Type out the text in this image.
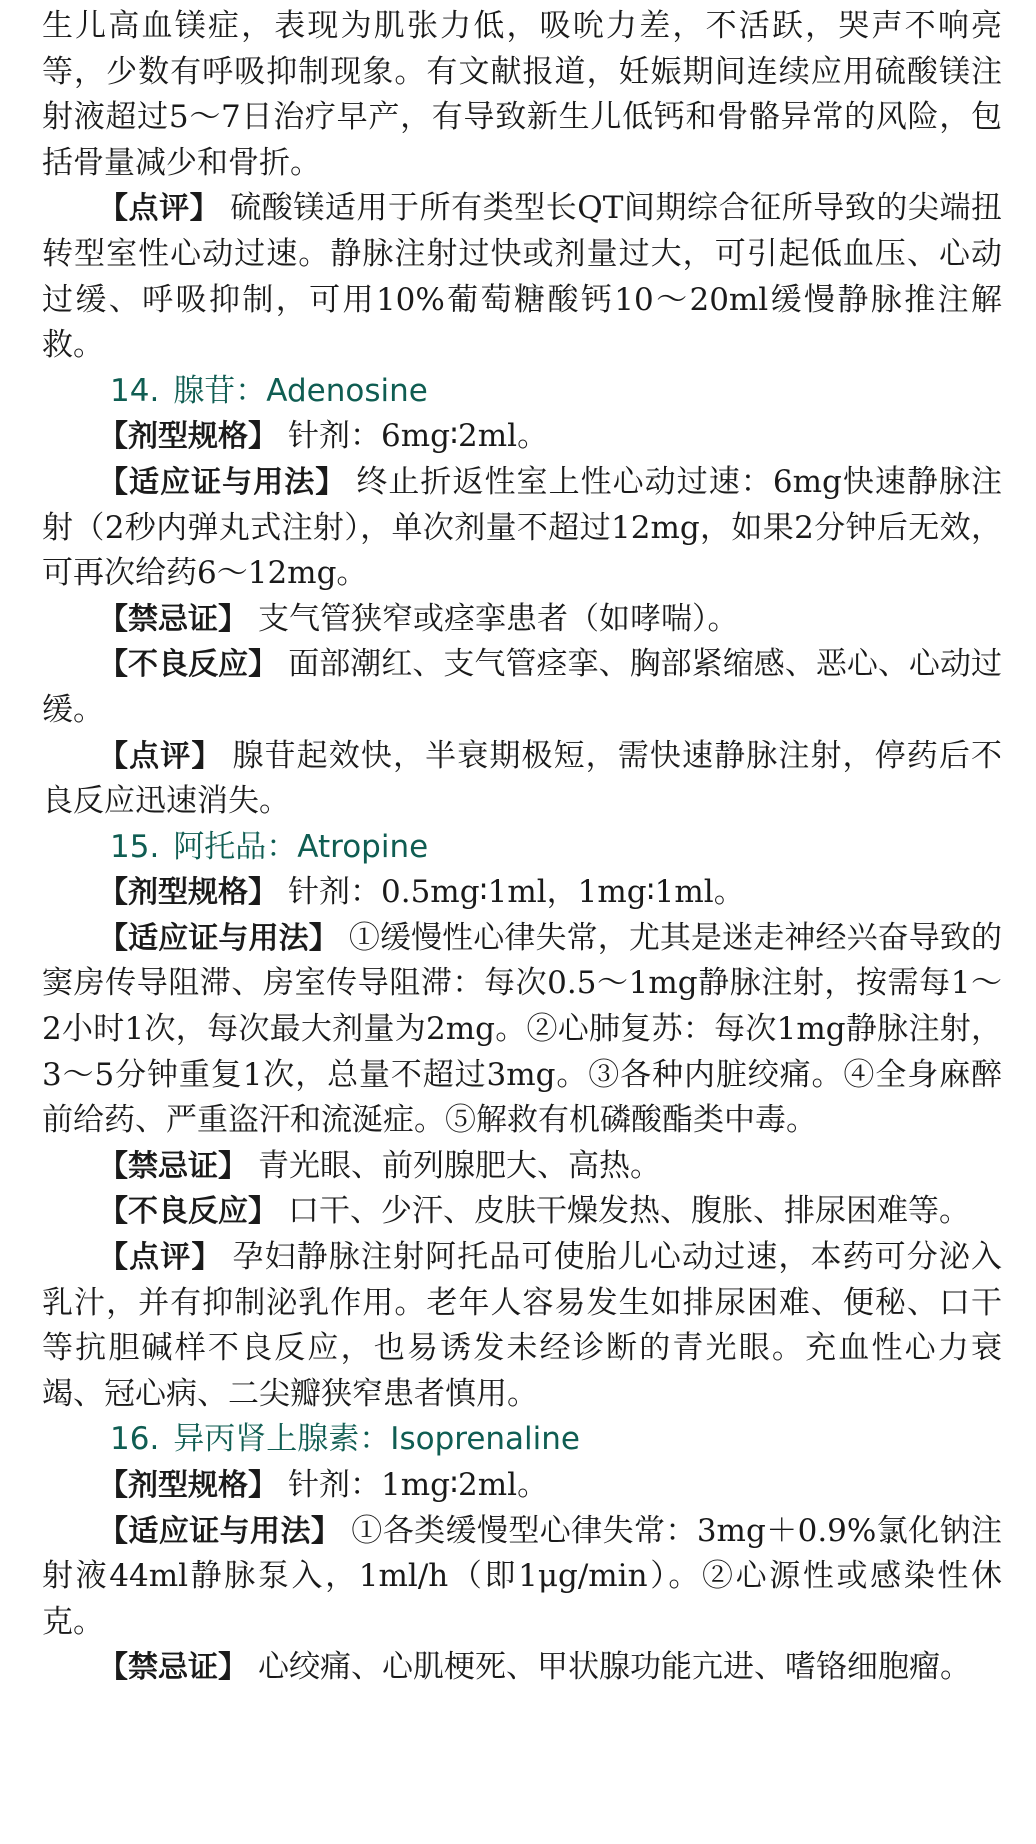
生儿高血镁症，表现为肌张力低，吸吮力差，不活跃，哭声不响亮等，少数有呼吸抑制现象。有文献报道，妊娠期间连续应用硫酸镁注射液超过5～7日治疗早产，有导致新生儿低钙和骨骼异常的风险，包括骨量减少和骨折。

【点评】 硫酸镁适用于所有类型长QT间期综合征所导致的尖端扭转型室性心动过速。静脉注射过快或剂量过大，可引起低血压、心动过缓、呼吸抑制，可用10%葡萄糖酸钙10～20ml缓慢静脉推注解救。

14. 腺苷：Adenosine

【剂型规格】 针剂：6mg∶2ml。

【适应证与用法】 终止折返性室上性心动过速：6mg快速静脉注射（2秒内弹丸式注射），单次剂量不超过12mg，如果2分钟后无效，可再次给药6～12mg。

【禁忌证】 支气管狭窄或痉挛患者（如哮喘）。

【不良反应】 面部潮红、支气管痉挛、胸部紧缩感、恶心、心动过缓。

【点评】 腺苷起效快，半衰期极短，需快速静脉注射，停药后不良反应迅速消失。

15. 阿托品：Atropine

【剂型规格】 针剂：0.5mg∶1ml，1mg∶1ml。

【适应证与用法】 ①缓慢性心律失常，尤其是迷走神经兴奋导致的窦房传导阻滞、房室传导阻滞：每次0.5～1mg静脉注射，按需每1～2小时1次，每次最大剂量为2mg。②心肺复苏：每次1mg静脉注射，3～5分钟重复1次，总量不超过3mg。③各种内脏绞痛。④全身麻醉前给药、严重盗汗和流涎症。⑤解救有机磷酸酯类中毒。

【禁忌证】 青光眼、前列腺肥大、高热。

【不良反应】 口干、少汗、皮肤干燥发热、腹胀、排尿困难等。

【点评】 孕妇静脉注射阿托品可使胎儿心动过速，本药可分泌入乳汁，并有抑制泌乳作用。老年人容易发生如排尿困难、便秘、口干等抗胆碱样不良反应，也易诱发未经诊断的青光眼。充血性心力衰竭、冠心病、二尖瓣狭窄患者慎用。

16. 异丙肾上腺素：Isoprenaline

【剂型规格】 针剂：1mg∶2ml。

【适应证与用法】 ①各类缓慢型心律失常：3mg＋0.9%氯化钠注射液44ml静脉泵入，1ml/h（即1μg/min）。②心源性或感染性休克。

【禁忌证】 心绞痛、心肌梗死、甲状腺功能亢进、嗜铬细胞瘤。
